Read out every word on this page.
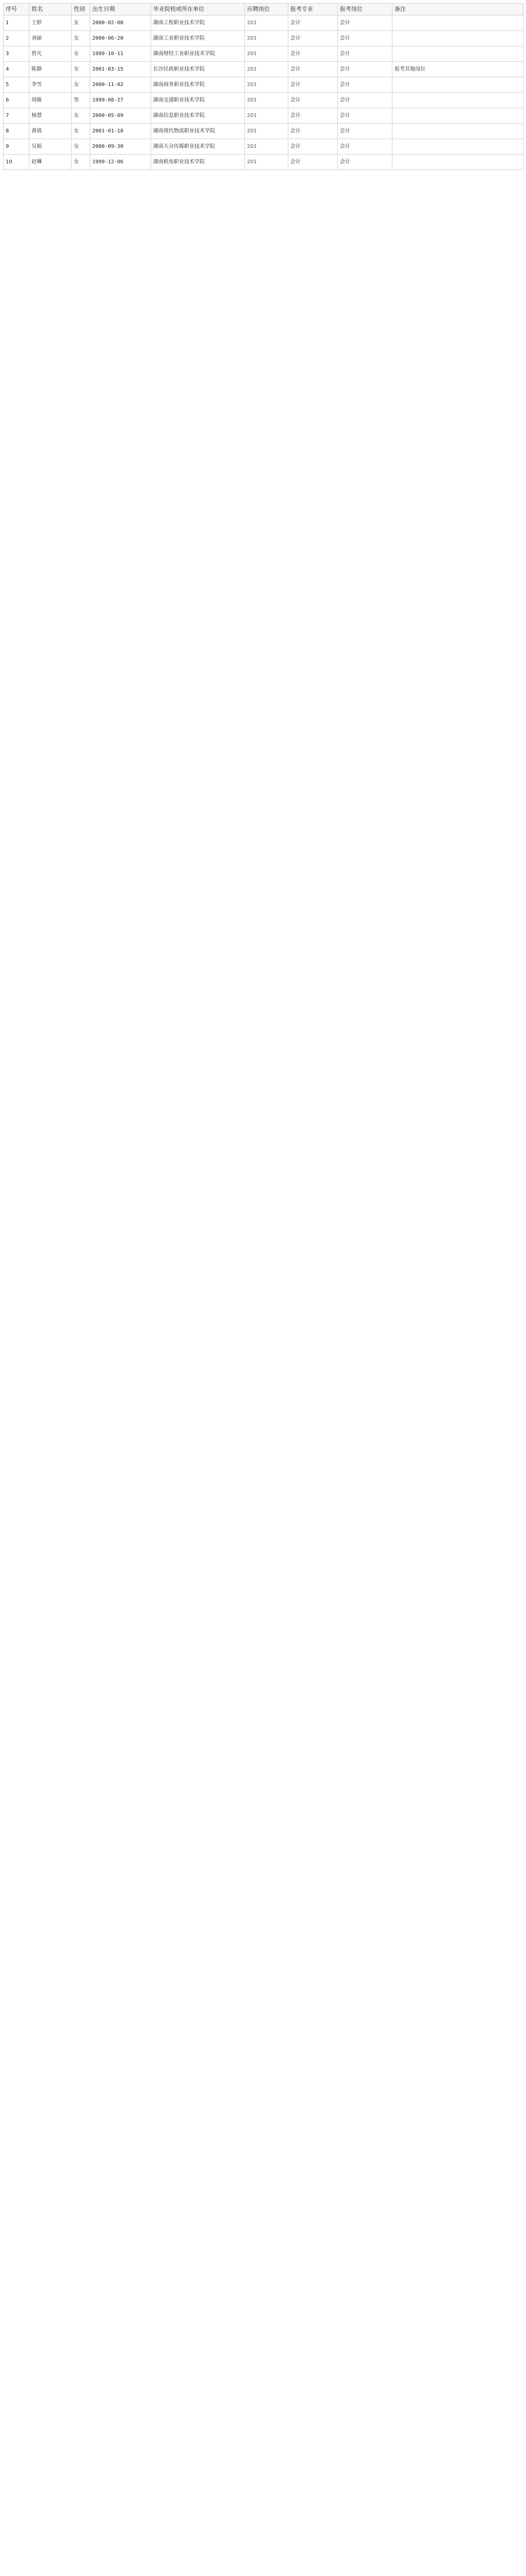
序号	姓名	性别	出生日期	毕业院校或所在单位	应聘岗位	报考专业	报考岗位	备注
1	王婷	女	2000-02-08	湖南工程职业技术学院	201	会计	会计	
2	刘丽	女	2000-06-20	湖南工业职业技术学院	201	会计	会计	
3	曾凡	女	1999-10-11	湖南财经工业职业技术学院	201	会计	会计	
4	陈静	女	2001-03-15	长沙民政职业技术学院	201	会计	会计	报考其他岗位
5	李雪	女	2000-11-02	湖南商务职业技术学院	201	会计	会计	
6	周敏	男	1999-08-27	湖南交通职业技术学院	201	会计	会计	
7	杨慧	女	2000-05-09	湖南信息职业技术学院	201	会计	会计	
8	黄倩	女	2001-01-18	湖南现代物流职业技术学院	201	会计	会计	
9	吴娟	女	2000-09-30	湖南大众传媒职业技术学院	201	会计	会计	
10	赵琳	女	1999-12-06	湖南机电职业技术学院	201	会计	会计	
